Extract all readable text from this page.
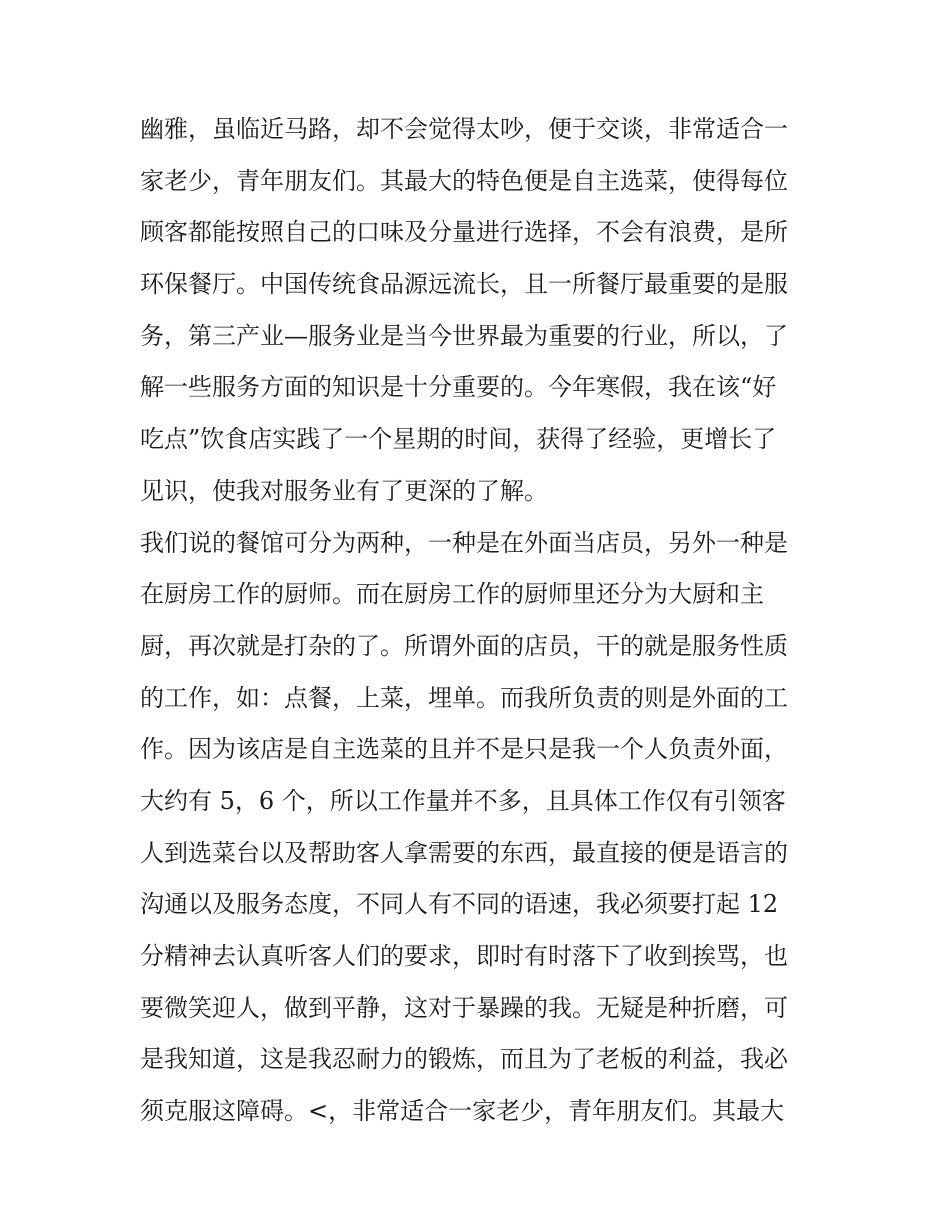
幽雅，虽临近马路，却不会觉得太吵，便于交谈，非常适合一
家老少，青年朋友们。其最大的特色便是自主选菜，使得每位
顾客都能按照自己的口味及分量进行选择，不会有浪费，是所
环保餐厅。中国传统食品源远流长，且一所餐厅最重要的是服
务，第三产业—服务业是当今世界最为重要的行业，所以，了
解一些服务方面的知识是十分重要的。今年寒假，我在该“好
吃点”饮食店实践了一个星期的时间，获得了经验，更增长了
见识，使我对服务业有了更深的了解。
我们说的餐馆可分为两种，一种是在外面当店员，另外一种是
在厨房工作的厨师。而在厨房工作的厨师里还分为大厨和主
厨，再次就是打杂的了。所谓外面的店员，干的就是服务性质
的工作，如：点餐，上菜，埋单。而我所负责的则是外面的工
作。因为该店是自主选菜的且并不是只是我一个人负责外面，
大约有 5，6 个，所以工作量并不多，且具体工作仅有引领客
人到选菜台以及帮助客人拿需要的东西，最直接的便是语言的
沟通以及服务态度，不同人有不同的语速，我必须要打起 12
分精神去认真听客人们的要求，即时有时落下了收到挨骂，也
要微笑迎人，做到平静，这对于暴躁的我。无疑是种折磨，可
是我知道，这是我忍耐力的锻炼，而且为了老板的利益，我必
须克服这障碍。<，非常适合一家老少，青年朋友们。其最大
